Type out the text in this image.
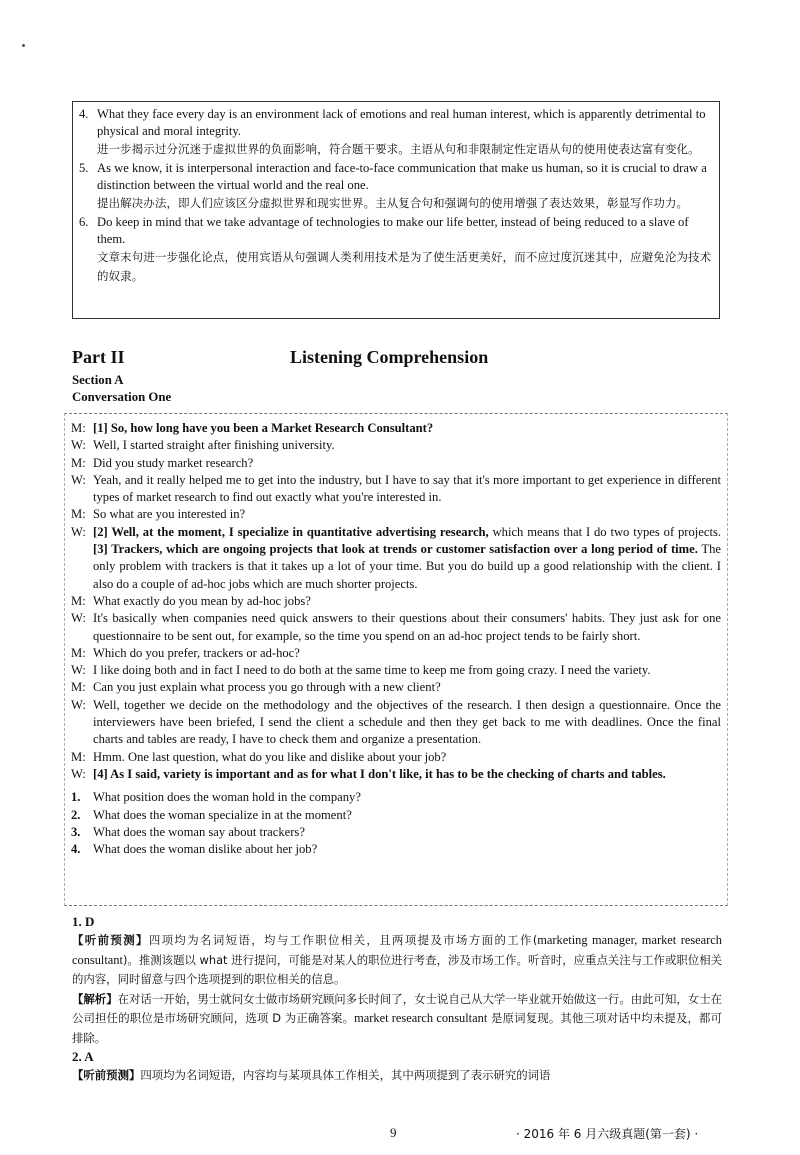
4. What they face every day is an environment lack of emotions and real human interest, which is apparently detrimental to physical and moral integrity.
进一步揭示过分沉迷于虚拟世界的负面影响，符合题干要求。主语从句和非限制定性定语从句的使用使表达富有变化。
5. As we know, it is interpersonal interaction and face-to-face communication that make us human, so it is crucial to draw a distinction between the virtual world and the real one.
提出解决办法，即人们应该区分虚拟世界和现实世界。主从复合句和强调句的使用增强了表达效果，彰显写作功力。
6. Do keep in mind that we take advantage of technologies to make our life better, instead of being reduced to a slave of them.
文章末句进一步强化论点，使用宾语从句强调人类利用技术是为了使生活更美好，而不应过度沉迷其中，应避免沦为技术的奴隶。
Part II	Listening Comprehension
Section A
Conversation One
M: [1] So, how long have you been a Market Research Consultant?
W: Well, I started straight after finishing university.
M: Did you study market research?
W: Yeah, and it really helped me to get into the industry, but I have to say that it's more important to get experience in different types of market research to find out exactly what you're interested in.
M: So what are you interested in?
W: [2] Well, at the moment, I specialize in quantitative advertising research, which means that I do two types of projects. [3] Trackers, which are ongoing projects that look at trends or customer satisfaction over a long period of time. The only problem with trackers is that it takes up a lot of your time. But you do build up a good relationship with the client. I also do a couple of ad-hoc jobs which are much shorter projects.
M: What exactly do you mean by ad-hoc jobs?
W: It's basically when companies need quick answers to their questions about their consumers' habits. They just ask for one questionnaire to be sent out, for example, so the time you spend on an ad-hoc project tends to be fairly short.
M: Which do you prefer, trackers or ad-hoc?
W: I like doing both and in fact I need to do both at the same time to keep me from going crazy. I need the variety.
M: Can you just explain what process you go through with a new client?
W: Well, together we decide on the methodology and the objectives of the research. I then design a questionnaire. Once the interviewers have been briefed, I send the client a schedule and then they get back to me with deadlines. Once the final charts and tables are ready, I have to check them and organize a presentation.
M: Hmm. One last question, what do you like and dislike about your job?
W: [4] As I said, variety is important and as for what I don't like, it has to be the checking of charts and tables.
1. What position does the woman hold in the company?
2. What does the woman specialize in at the moment?
3. What does the woman say about trackers?
4. What does the woman dislike about her job?
1. D
【听前预测】四项均为名词短语，均与工作职位相关，且两项提及市场方面的工作(marketing manager, market research consultant)。推测该题以 what 进行提问，可能是对某人的职位进行考查，涉及市场工作。听音时，应重点关注与工作或职位相关的内容，同时留意与四个选项提到的职位相关的信息。
【解析】在对话一开始，男士就问女士做市场研究顾问多长时间了，女士说自己从大学一毕业就开始做这一行。由此可知，女士在公司担任的职位是市场研究顾问，选项 D 为正确答案。market research consultant 是原词复现。其他三项对话中均未提及，都可排除。
2. A
【听前预测】四项均为名词短语，内容均与某项具体工作相关，其中两项提到了表示研究的词语
9	· 2016 年 6 月六级真题(第一套) ·
